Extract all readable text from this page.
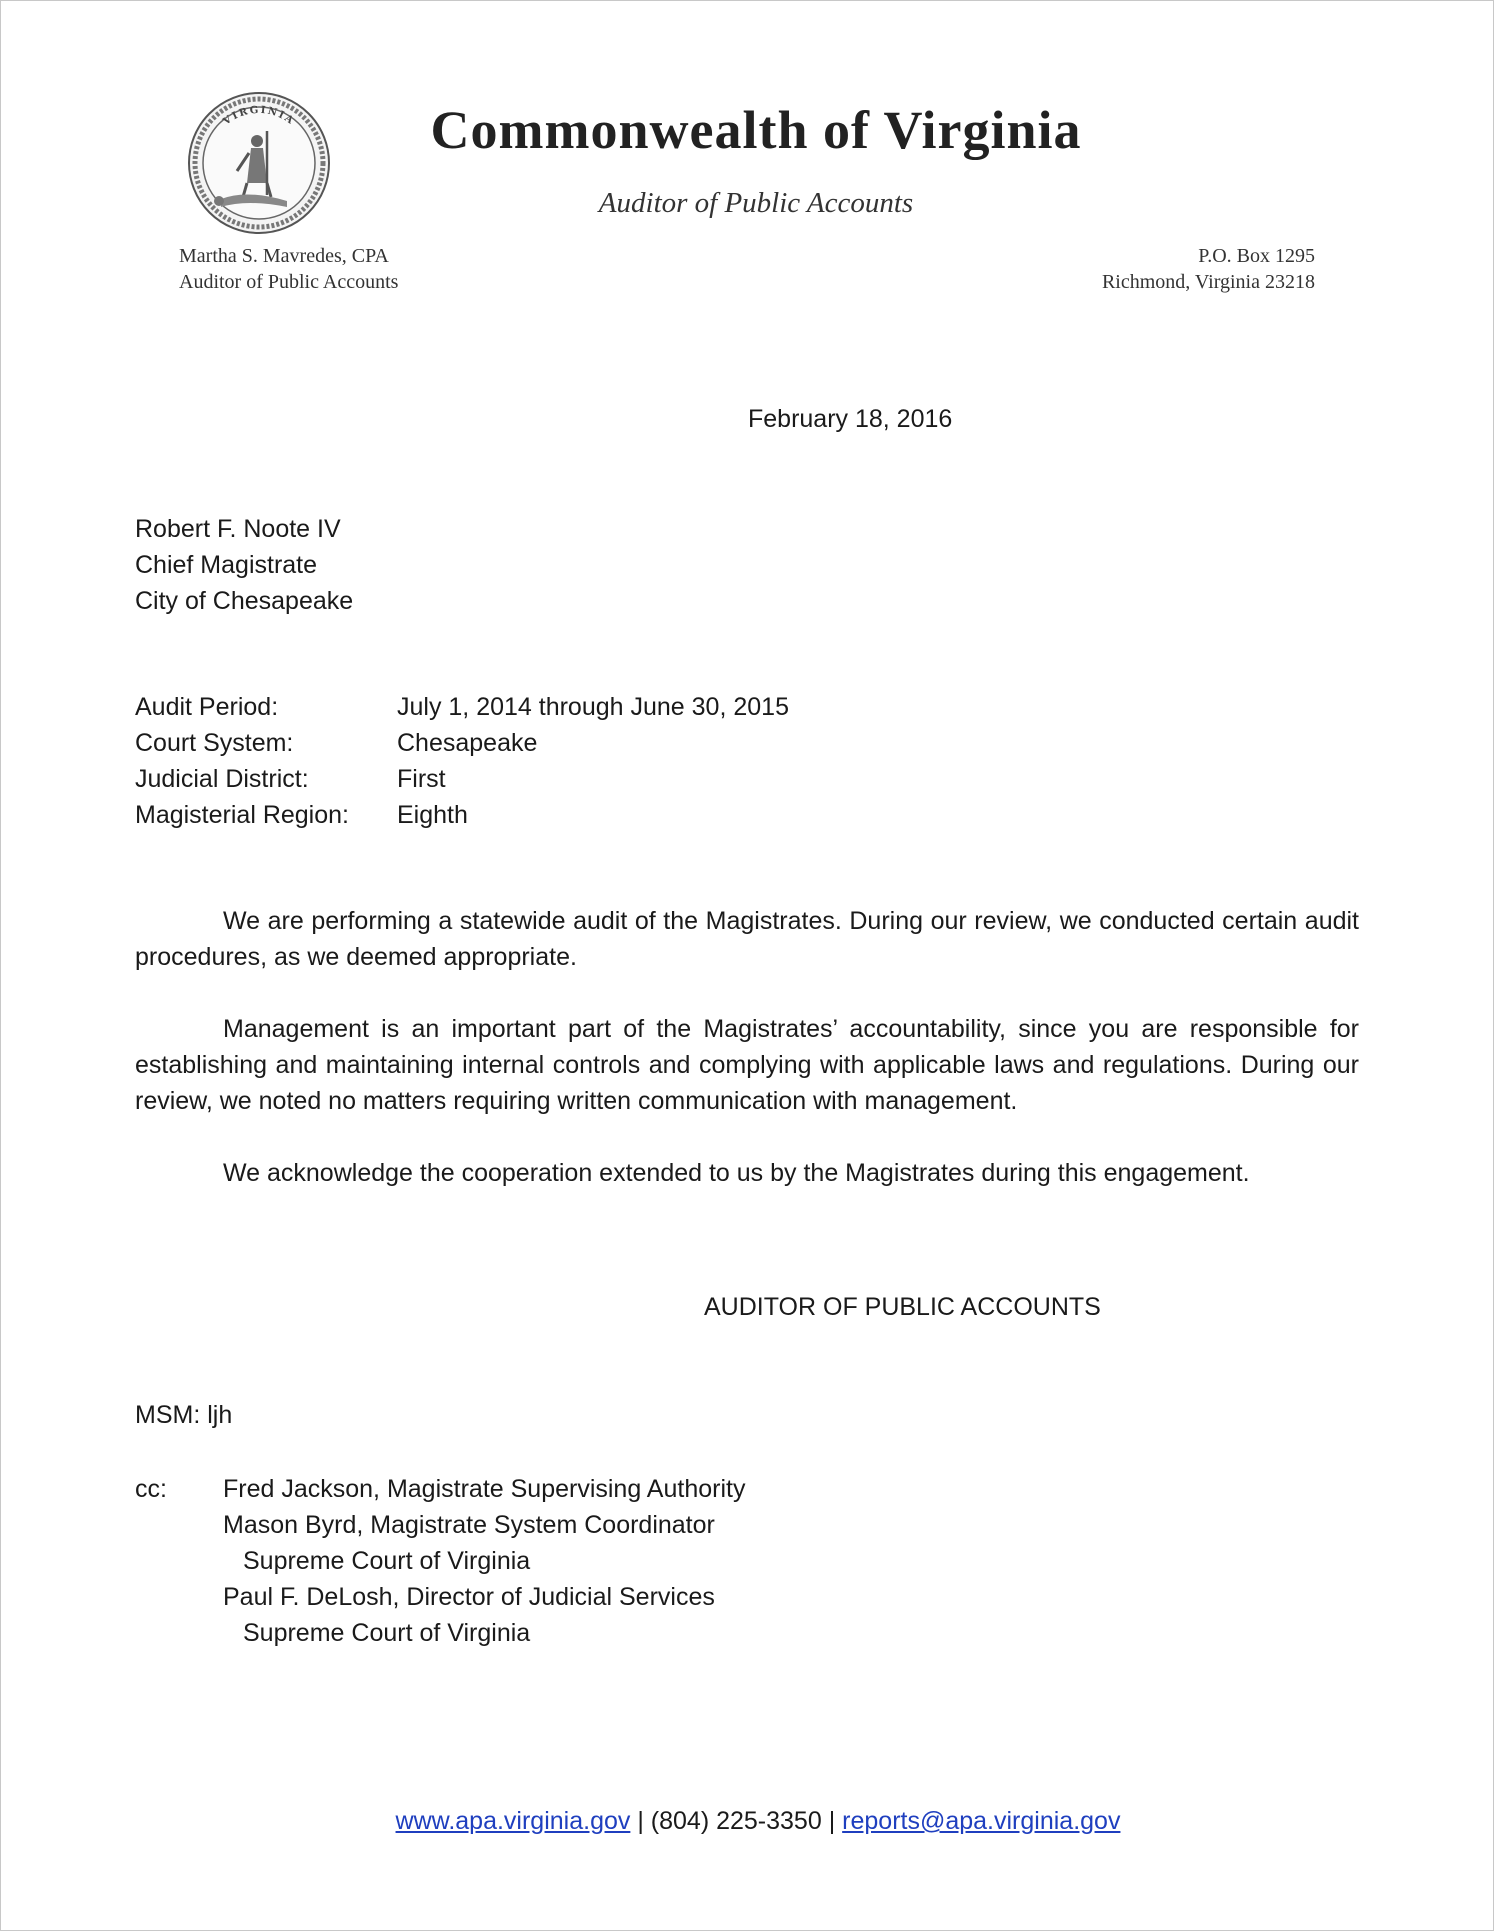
VIRGINIA	Commonwealth of Virginia
Auditor of Public Accounts
Martha S. Mavredes, CPA
Auditor of Public Accounts
P.O. Box 1295
Richmond, Virginia 23218
February 18, 2016
Robert F. Noote IV
Chief Magistrate
City of Chesapeake
Audit Period:	July 1, 2014 through June 30, 2015
Court System:	Chesapeake
Judicial District:	First
Magisterial Region:	Eighth

We are performing a statewide audit of the Magistrates. During our review, we conducted certain audit procedures, as we deemed appropriate.

Management is an important part of the Magistrates’ accountability, since you are responsible for establishing and maintaining internal controls and complying with applicable laws and regulations. During our review, we noted no matters requiring written communication with management.

We acknowledge the cooperation extended to us by the Magistrates during this engagement.

AUDITOR OF PUBLIC ACCOUNTS
MSM: ljh
cc:	Fred Jackson, Magistrate Supervising Authority
Mason Byrd, Magistrate System Coordinator
Supreme Court of Virginia
Paul F. DeLosh, Director of Judicial Services
Supreme Court of Virginia
www.apa.virginia.gov | (804) 225-3350 | reports@apa.virginia.gov
